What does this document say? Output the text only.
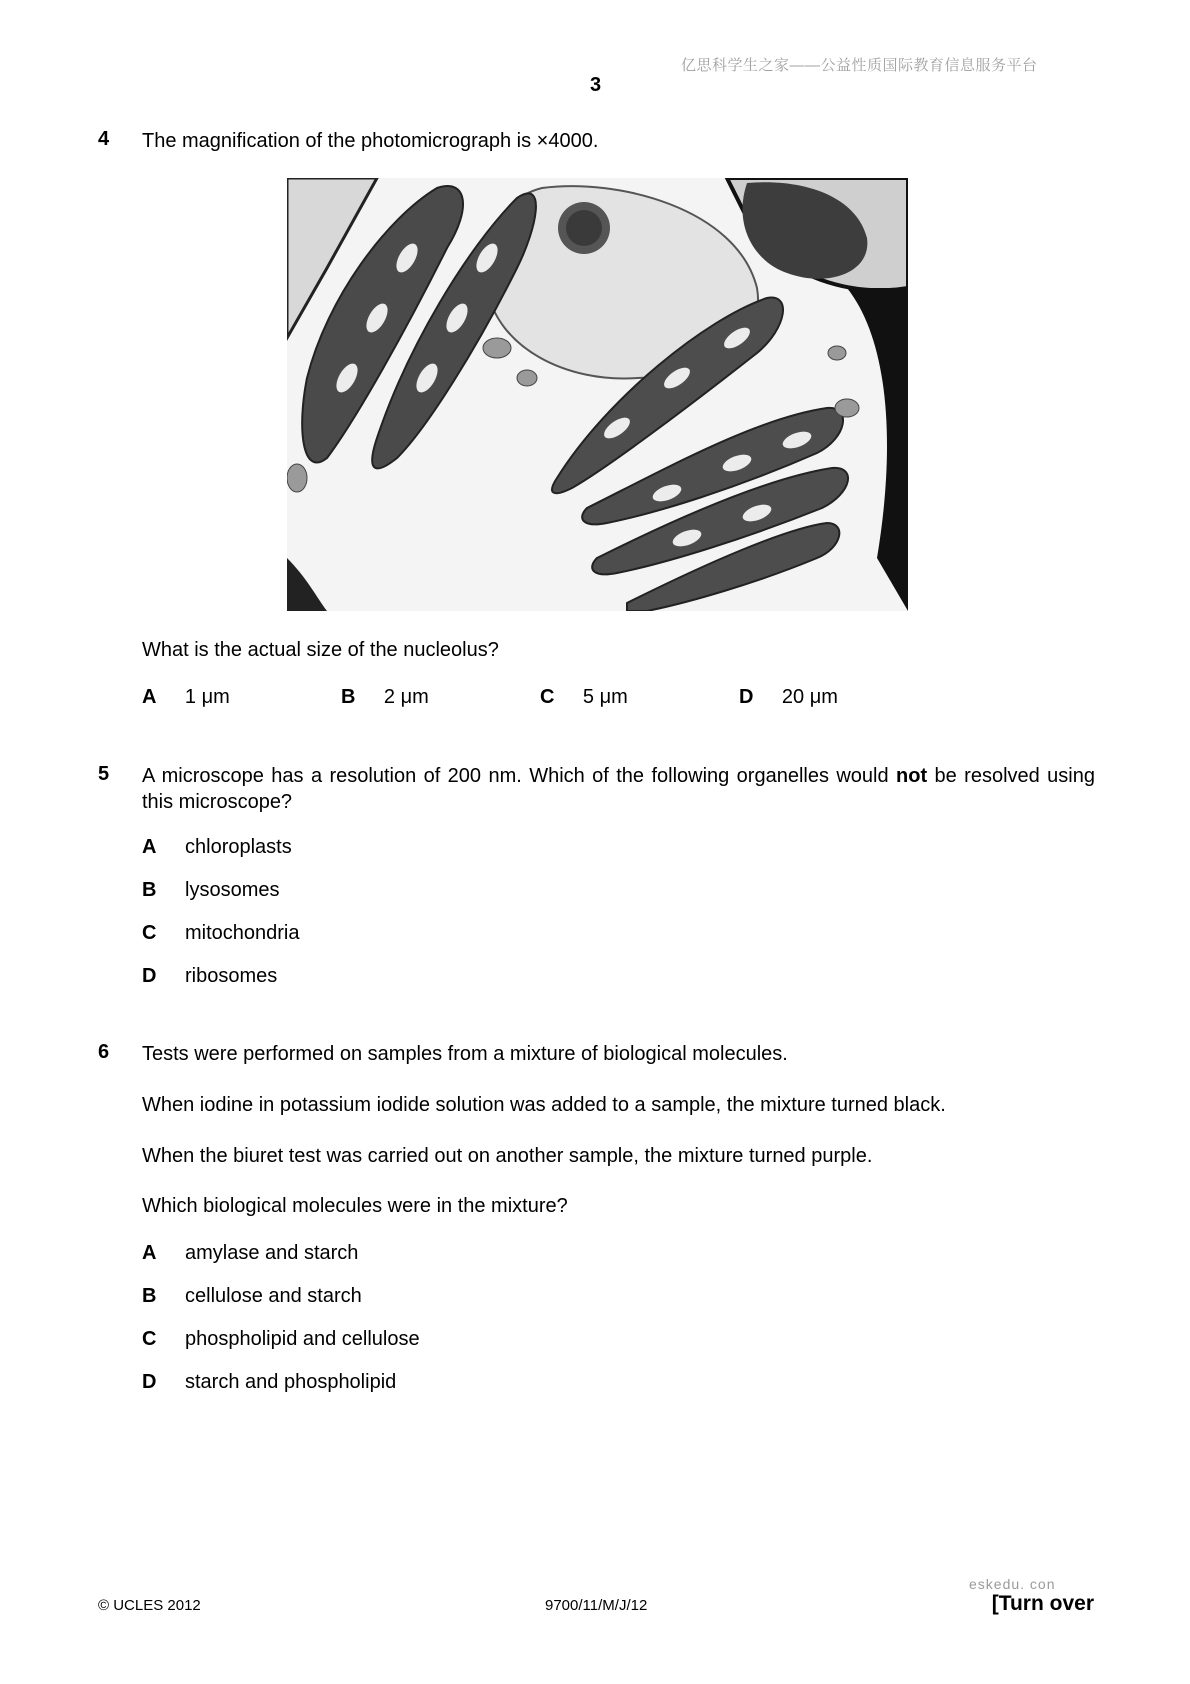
亿思科学生之家——公益性质国际教育信息服务平台
3
4 The magnification of the photomicrograph is ×4000.
What is the actual size of the nucleolus?
A 1 μm	B 2 μm	C 5 μm	D 20 μm
5 A microscope has a resolution of 200 nm. Which of the following organelles would not be resolved using this microscope?
A chloroplasts
B lysosomes
C mitochondria
D ribosomes
6 Tests were performed on samples from a mixture of biological molecules.
When iodine in potassium iodide solution was added to a sample, the mixture turned black.
When the biuret test was carried out on another sample, the mixture turned purple.
Which biological molecules were in the mixture?
A amylase and starch
B cellulose and starch
C phospholipid and cellulose
D starch and phospholipid
eskedu. con
© UCLES 2012	9700/11/M/J/12	[Turn over
